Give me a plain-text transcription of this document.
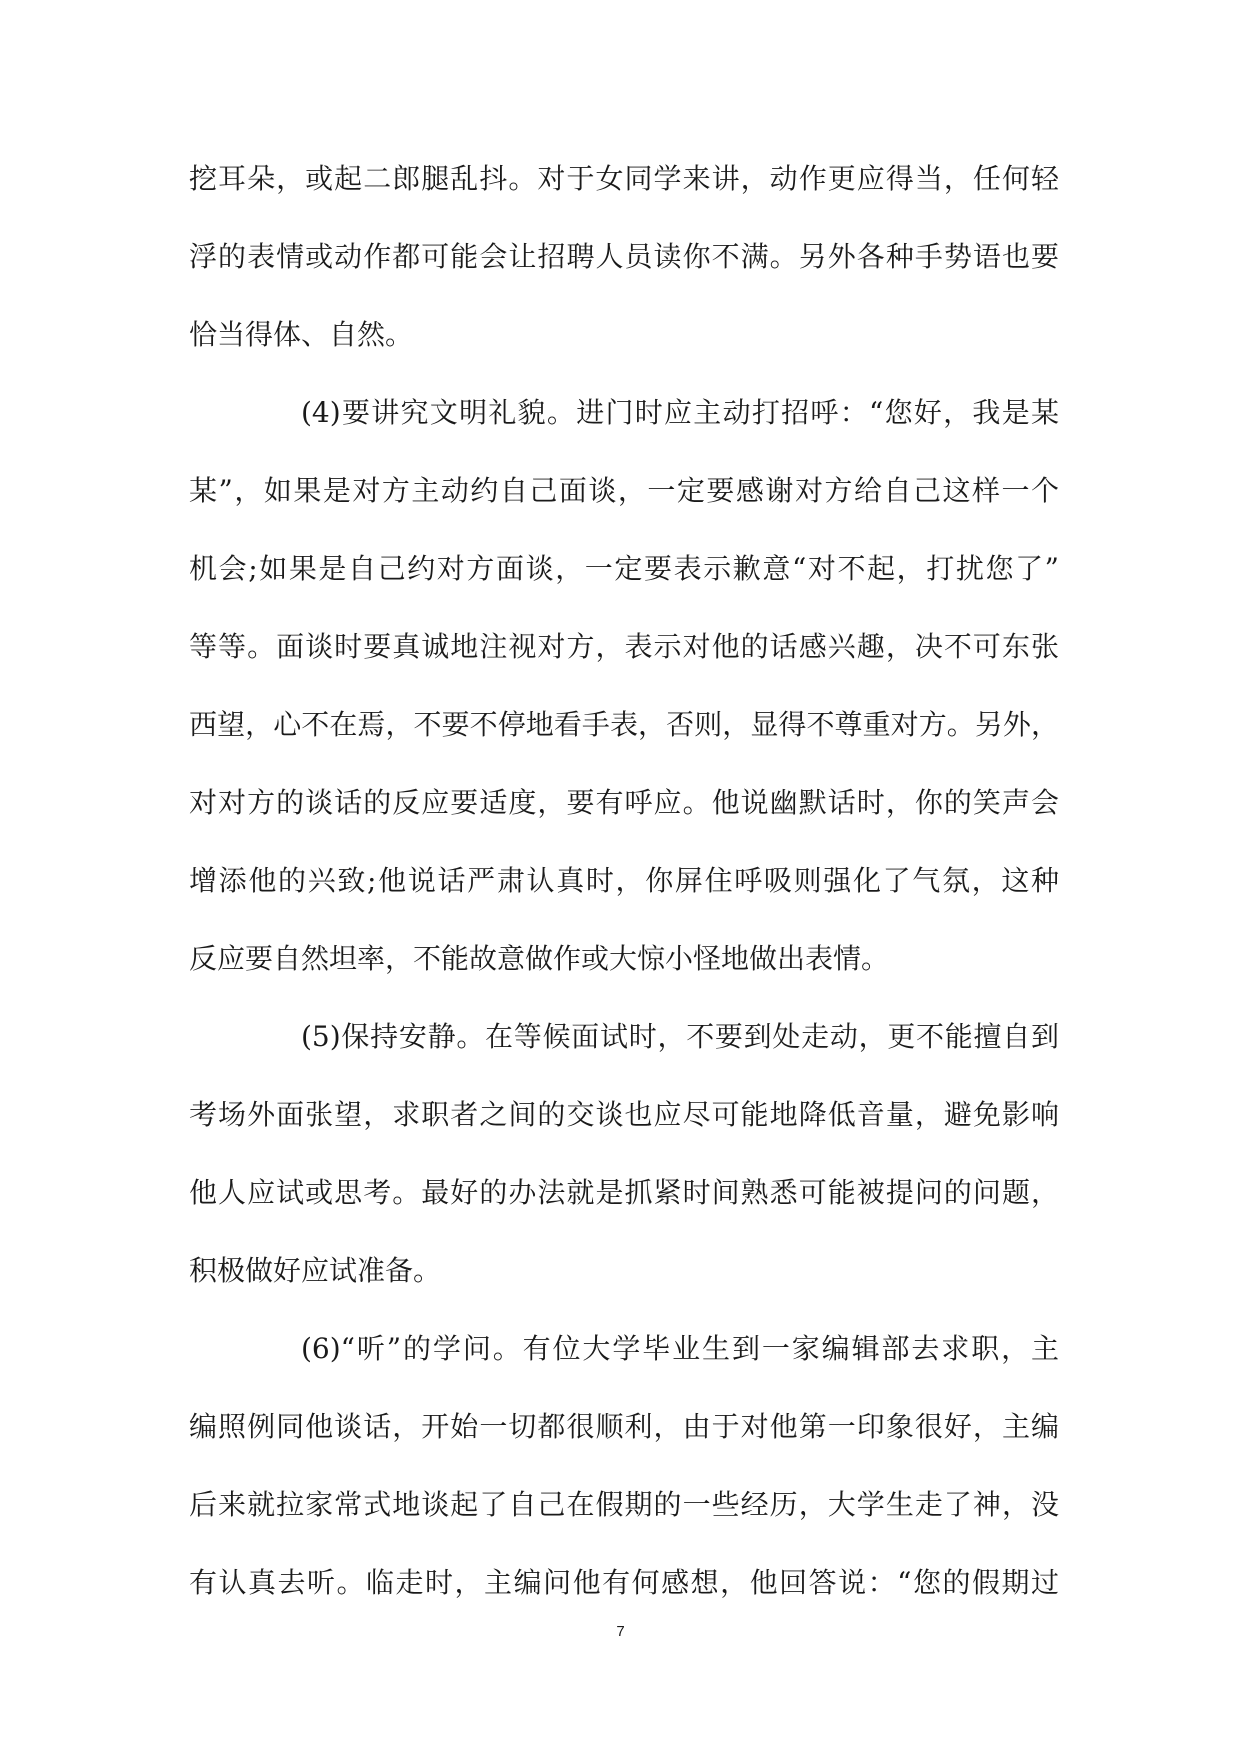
挖耳朵，或起二郎腿乱抖。对于女同学来讲，动作更应得当，任何轻
浮的表情或动作都可能会让招聘人员读你不满。另外各种手势语也要
恰当得体、自然。
(4)要讲究文明礼貌。进门时应主动打招呼：“您好，我是某
某”，如果是对方主动约自己面谈，一定要感谢对方给自己这样一个
机会;如果是自己约对方面谈，一定要表示歉意“对不起，打扰您了”
等等。面谈时要真诚地注视对方，表示对他的话感兴趣，决不可东张
西望，心不在焉，不要不停地看手表，否则，显得不尊重对方。另外，
对对方的谈话的反应要适度，要有呼应。他说幽默话时，你的笑声会
增添他的兴致;他说话严肃认真时，你屏住呼吸则强化了气氛，这种
反应要自然坦率，不能故意做作或大惊小怪地做出表情。
(5)保持安静。在等候面试时，不要到处走动，更不能擅自到
考场外面张望，求职者之间的交谈也应尽可能地降低音量，避免影响
他人应试或思考。最好的办法就是抓紧时间熟悉可能被提问的问题，
积极做好应试准备。
(6)“听”的学问。有位大学毕业生到一家编辑部去求职，主
编照例同他谈话，开始一切都很顺利，由于对他第一印象很好，主编
后来就拉家常式地谈起了自己在假期的一些经历，大学生走了神，没
有认真去听。临走时，主编问他有何感想，他回答说：“您的假期过
7
